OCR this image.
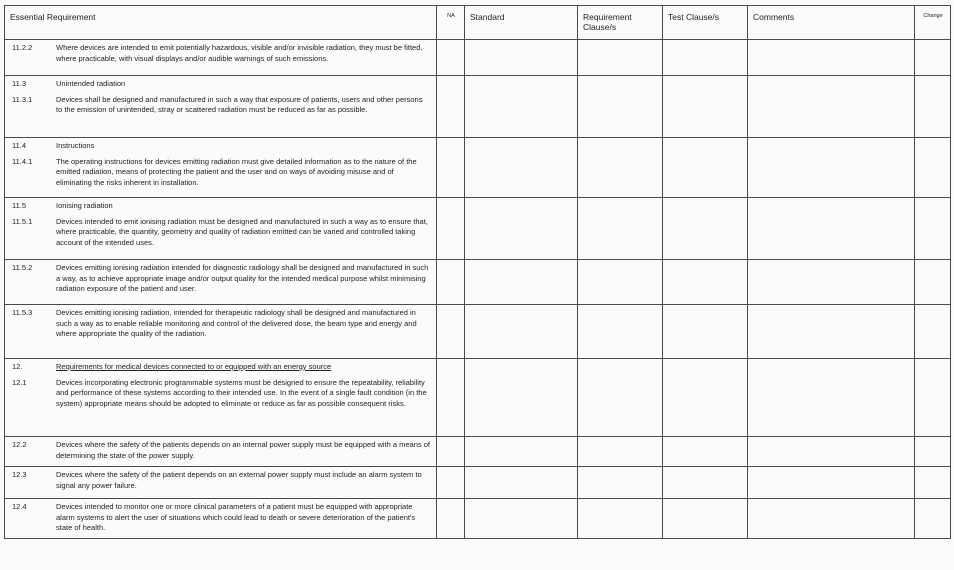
Essential Requirement	NA	Standard	Requirement Clause/s	Test Clause/s	Comments	Change

11.2.2 Where devices are intended to emit potentially hazardous, visible and/or invisible radiation, they must be fitted, where practicable, with visual displays and/or audible warnings of such emissions.						

11.3 Unintended radiation
11.3.1 Devices shall be designed and manufactured in such a way that exposure of patients, users and other persons to the emission of unintended, stray or scattered radiation must be reduced as far as possible.						

11.4 Instructions
11.4.1 The operating instructions for devices emitting radiation must give detailed information as to the nature of the emitted radiation, means of protecting the patient and the user and on ways of avoiding misuse and of eliminating the risks inherent in installation.						

11.5 Ionising radiation
11.5.1 Devices intended to emit ionising radiation must be designed and manufactured in such a way as to ensure that, where practicable, the quantity, geometry and quality of radiation emitted can be varied and controlled taking account of the intended uses.						

11.5.2 Devices emitting ionising radiation intended for diagnostic radiology shall be designed and manufactured in such a way, as to achieve appropriate image and/or output quality for the intended medical purpose whilst minimising radiation exposure of the patient and user.						

11.5.3 Devices emitting ionising radiation, intended for therapeutic radiology shall be designed and manufactured in such a way as to enable reliable monitoring and control of the delivered dose, the beam type and energy and where appropriate the quality of the radiation.						

12. Requirements for medical devices connected to or equipped with an energy source
12.1 Devices incorporating electronic programmable systems must be designed to ensure the repeatability, reliability and performance of these systems according to their intended use. In the event of a single fault condition (in the system) appropriate means should be adopted to eliminate or reduce as far as possible consequent risks.						

12.2 Devices where the safety of the patients depends on an internal power supply must be equipped with a means of determining the state of the power supply.						

12.3 Devices where the safety of the patient depends on an external power supply must include an alarm system to signal any power failure.						

12.4 Devices intended to monitor one or more clinical parameters of a patient must be equipped with appropriate alarm systems to alert the user of situations which could lead to death or severe deterioration of the patient's state of health.						
